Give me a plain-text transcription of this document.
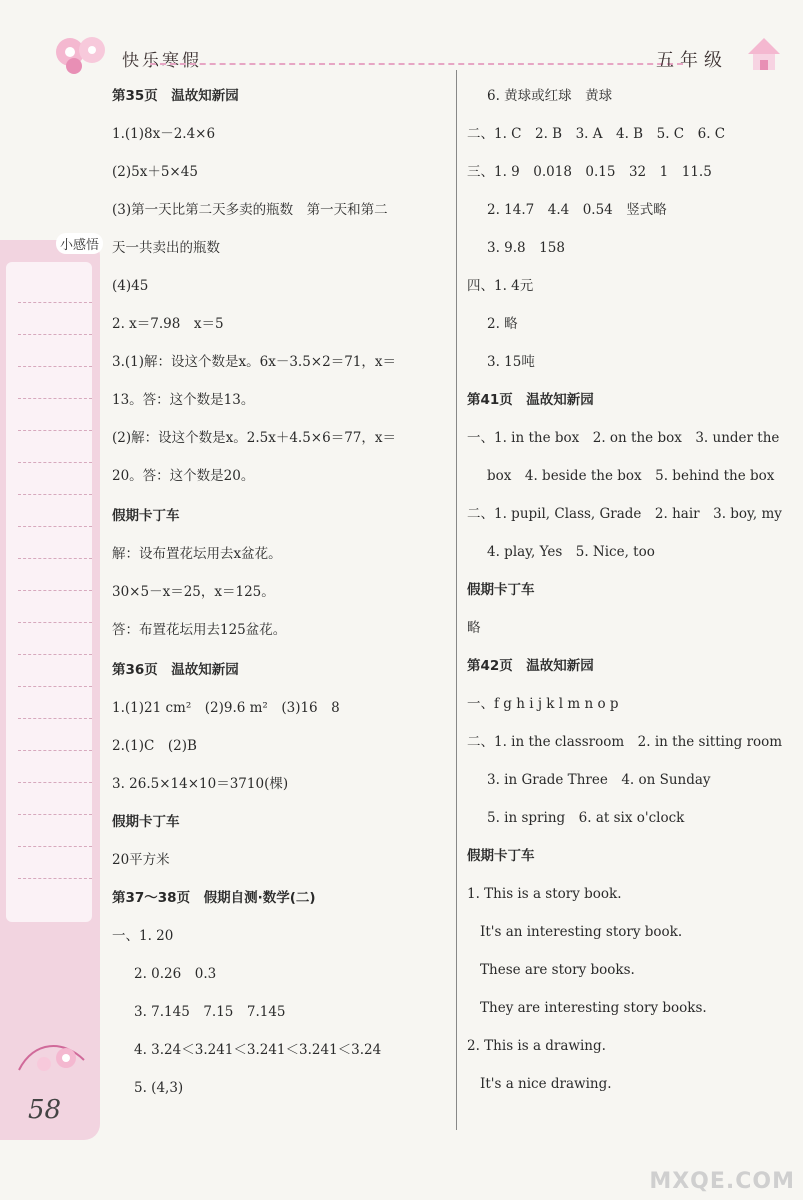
快乐寒假	五年级
小感悟
58
第35页　温故知新园
1.(1)8x－2.4×6
(2)5x＋5×45
(3)第一天比第二天多卖的瓶数　第一天和第二
天一共卖出的瓶数
(4)45
2. x＝7.98　x＝5
3.(1)解：设这个数是x。6x－3.5×2＝71，x＝
13。答：这个数是13。
(2)解：设这个数是x。2.5x＋4.5×6＝77，x＝
20。答：这个数是20。
假期卡丁车
解：设布置花坛用去x盆花。
30×5－x＝25，x＝125。
答：布置花坛用去125盆花。
第36页　温故知新园
1.(1)21 cm²　(2)9.6 m²　(3)16　8
2.(1)C　(2)B
3. 26.5×14×10＝3710(棵)
假期卡丁车
20平方米
第37～38页　假期自测·数学(二)
一、1. 20
2. 0.26　0.3
3. 7.145　7.15　7.145
4. 3.24＜3.241＜3.241＜3.241＜3.24
5. (4,3)
6. 黄球或红球　黄球
二、1. C　2. B　3. A　4. B　5. C　6. C
三、1. 9　0.018　0.15　32　1　11.5
2. 14.7　4.4　0.54　竖式略
3. 9.8　158
四、1. 4元
2. 略
3. 15吨
第41页　温故知新园
一、1. in the box　2. on the box　3. under the
box　4. beside the box　5. behind the box
二、1. pupil, Class, Grade　2. hair　3. boy, my
4. play, Yes　5. Nice, too
假期卡丁车
略
第42页　温故知新园
一、f g h i j k l m n o p
二、1. in the classroom　2. in the sitting room
3. in Grade Three　4. on Sunday
5. in spring　6. at six o'clock
假期卡丁车
1. This is a story book.
It's an interesting story book.
These are story books.
They are interesting story books.
2. This is a drawing.
It's a nice drawing.
MXQE.COM
